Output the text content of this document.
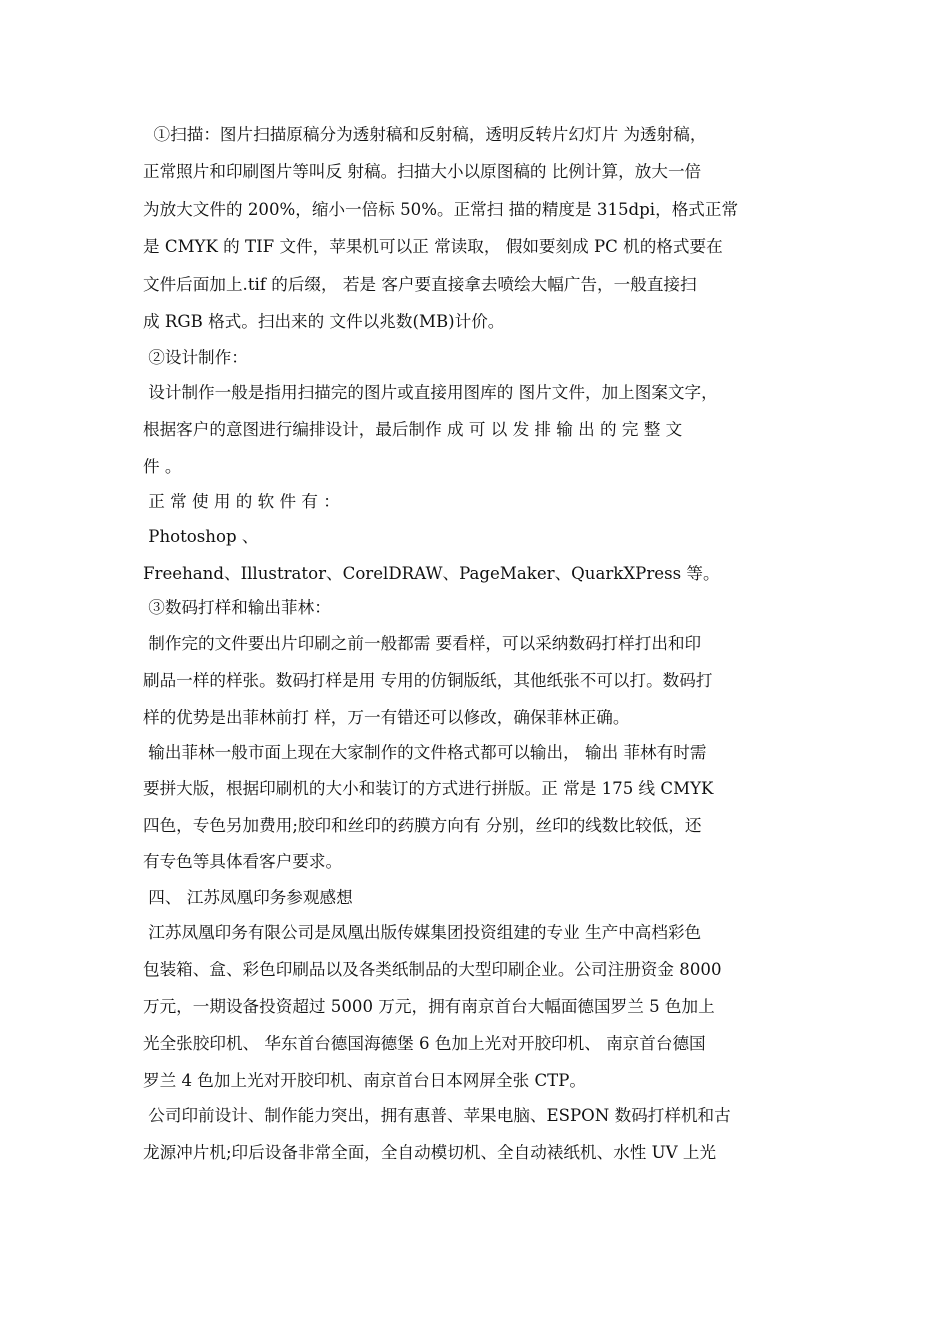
①扫描：图片扫描原稿分为透射稿和反射稿，透明反转片幻灯片 为透射稿，
正常照片和印刷图片等叫反 射稿。扫描大小以原图稿的 比例计算，放大一倍
为放大文件的 200%，缩小一倍标 50%。正常扫 描的精度是 315dpi，格式正常
是 CMYK 的 TIF 文件，苹果机可以正 常读取， 假如要刻成 PC 机的格式要在
文件后面加上.tif 的后缀， 若是 客户要直接拿去喷绘大幅广告，一般直接扫
成 RGB 格式。扫出来的 文件以兆数(MB)计价。
②设计制作：
设计制作一般是指用扫描完的图片或直接用图库的 图片文件，加上图案文字，
根据客户的意图进行编排设计，最后制作 成 可 以 发 排 输 出 的 完 整 文
件 。
正 常 使 用 的 软 件 有 ：
Photoshop 、
Freehand、Illustrator、CorelDRAW、PageMaker、QuarkXPress 等。
③数码打样和输出菲林：
制作完的文件要出片印刷之前一般都需 要看样，可以采纳数码打样打出和印
刷品一样的样张。数码打样是用 专用的仿铜版纸，其他纸张不可以打。数码打
样的优势是出菲林前打 样，万一有错还可以修改，确保菲林正确。
输出菲林一般市面上现在大家制作的文件格式都可以输出， 输出 菲林有时需
要拼大版，根据印刷机的大小和装订的方式进行拼版。正 常是 175 线 CMYK
四色，专色另加费用;胶印和丝印的药膜方向有 分别，丝印的线数比较低，还
有专色等具体看客户要求。
四、 江苏凤凰印务参观感想
江苏凤凰印务有限公司是凤凰出版传媒集团投资组建的专业 生产中高档彩色
包装箱、盒、彩色印刷品以及各类纸制品的大型印刷企业。公司注册资金 8000
万元，一期设备投资超过 5000 万元，拥有南京首台大幅面德国罗兰 5 色加上
光全张胶印机、 华东首台德国海德堡 6 色加上光对开胶印机、 南京首台德国
罗兰 4 色加上光对开胶印机、南京首台日本网屏全张 CTP。
公司印前设计、制作能力突出，拥有惠普、苹果电脑、ESPON 数码打样机和古
龙源冲片机;印后设备非常全面，全自动模切机、全自动裱纸机、水性 UV 上光
